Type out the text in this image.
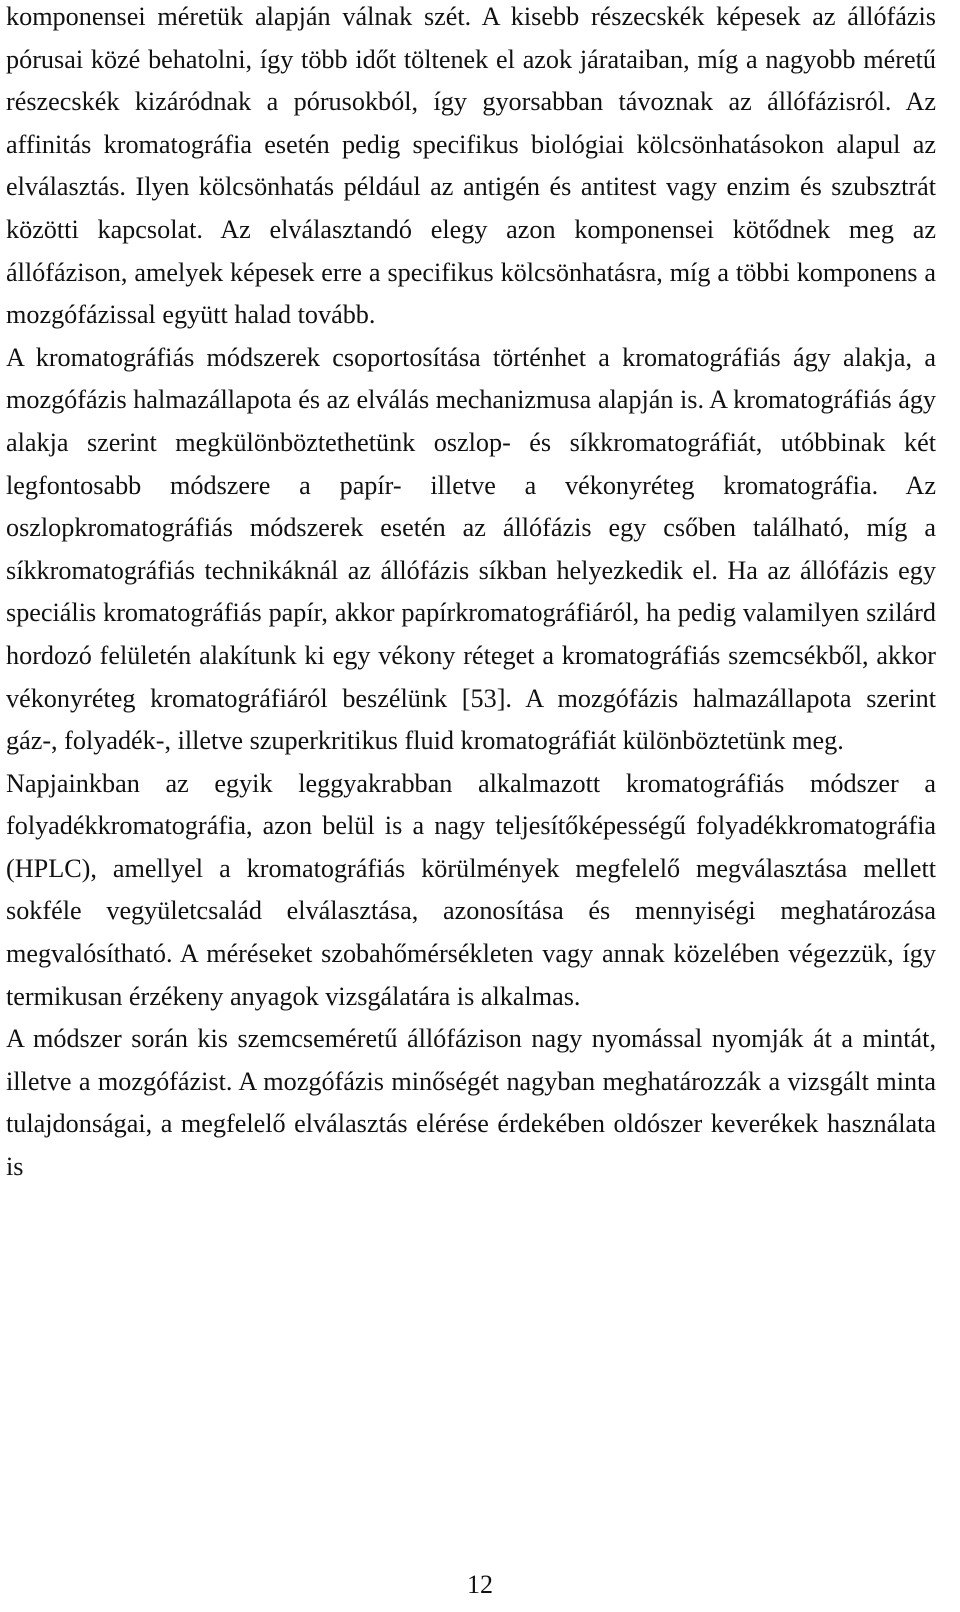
komponensei méretük alapján válnak szét. A kisebb részecskék képesek az állófázis pórusai közé behatolni, így több időt töltenek el azok járataiban, míg a nagyobb méretű részecskék kizáródnak a pórusokból, így gyorsabban távoznak az állófázisról. Az affinitás kromatográfia esetén pedig specifikus biológiai kölcsönhatásokon alapul az elválasztás. Ilyen kölcsönhatás például az antigén és antitest vagy enzim és szubsztrát közötti kapcsolat. Az elválasztandó elegy azon komponensei kötődnek meg az állófázison, amelyek képesek erre a specifikus kölcsönhatásra, míg a többi komponens a mozgófázissal együtt halad tovább.

A kromatográfiás módszerek csoportosítása történhet a kromatográfiás ágy alakja, a mozgófázis halmazállapota és az elválás mechanizmusa alapján is. A kromatográfiás ágy alakja szerint megkülönböztethetünk oszlop- és síkkromatográfiát, utóbbinak két legfontosabb módszere a papír- illetve a vékonyréteg kromatográfia. Az oszlopkromatográfiás módszerek esetén az állófázis egy csőben található, míg a síkkromatográfiás technikáknál az állófázis síkban helyezkedik el. Ha az állófázis egy speciális kromatográfiás papír, akkor papírkromatográfiáról, ha pedig valamilyen szilárd hordozó felületén alakítunk ki egy vékony réteget a kromatográfiás szemcsékből, akkor vékonyréteg kromatográfiáról beszélünk [53]. A mozgófázis halmazállapota szerint gáz-, folyadék-, illetve szuperkritikus fluid kromatográfiát különböztetünk meg.

Napjainkban az egyik leggyakrabban alkalmazott kromatográfiás módszer a folyadékkromatográfia, azon belül is a nagy teljesítőképességű folyadékkromatográfia (HPLC), amellyel a kromatográfiás körülmények megfelelő megválasztása mellett sokféle vegyületcsalád elválasztása, azonosítása és mennyiségi meghatározása megvalósítható. A méréseket szobahőmérsékleten vagy annak közelében végezzük, így termikusan érzékeny anyagok vizsgálatára is alkalmas.

A módszer során kis szemcseméretű állófázison nagy nyomással nyomják át a mintát, illetve a mozgófázist. A mozgófázis minőségét nagyban meghatározzák a vizsgált minta tulajdonságai, a megfelelő elválasztás elérése érdekében oldószer keverékek használata is

12
